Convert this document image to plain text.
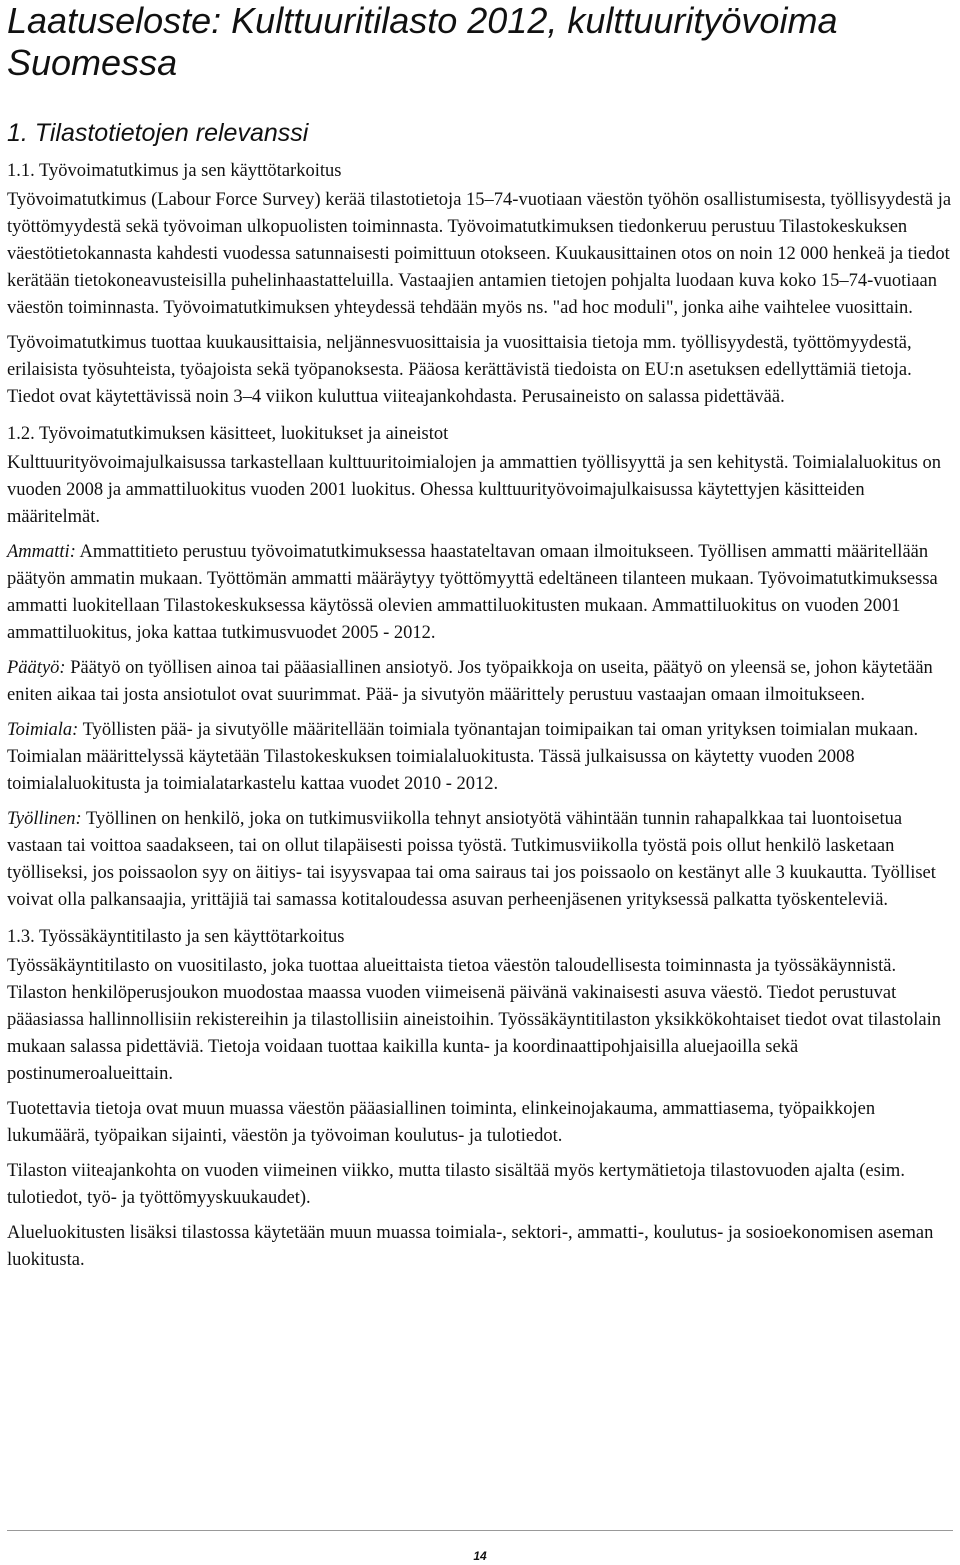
Laatuseloste: Kulttuuritilasto 2012, kulttuurityövoima Suomessa
1. Tilastotietojen relevanssi
1.1. Työvoimatutkimus ja sen käyttötarkoitus

Työvoimatutkimus (Labour Force Survey) kerää tilastotietoja 15–74-vuotiaan väestön työhön osallistumisesta, työllisyydestä ja työttömyydestä sekä työvoiman ulkopuolisten toiminnasta. Työvoimatutkimuksen tiedonkeruu perustuu Tilastokeskuksen väestötietokannasta kahdesti vuodessa satunnaisesti poimittuun otokseen. Kuukausittainen otos on noin 12 000 henkeä ja tiedot kerätään tietokoneavusteisilla puhelinhaastatteluilla. Vastaajien antamien tietojen pohjalta luodaan kuva koko 15–74-vuotiaan väestön toiminnasta. Työvoimatutkimuksen yhteydessä tehdään myös ns. "ad hoc moduli", jonka aihe vaihtelee vuosittain.

Työvoimatutkimus tuottaa kuukausittaisia, neljännesvuosittaisia ja vuosittaisia tietoja mm. työllisyydestä, työttömyydestä, erilaisista työsuhteista, työajoista sekä työpanoksesta. Pääosa kerättävistä tiedoista on EU:n asetuksen edellyttämiä tietoja. Tiedot ovat käytettävissä noin 3–4 viikon kuluttua viiteajankohdasta. Perusaineisto on salassa pidettävää.

1.2. Työvoimatutkimuksen käsitteet, luokitukset ja aineistot

Kulttuurityövoimajulkaisussa tarkastellaan kulttuuritoimialojen ja ammattien työllisyyttä ja sen kehitystä. Toimialaluokitus on vuoden 2008 ja ammattiluokitus vuoden 2001 luokitus. Ohessa kulttuurityövoimajulkaisussa käytettyjen käsitteiden määritelmät.

Ammatti: Ammattitieto perustuu työvoimatutkimuksessa haastateltavan omaan ilmoitukseen. Työllisen ammatti määritellään päätyön ammatin mukaan. Työttömän ammatti määräytyy työttömyyttä edeltäneen tilanteen mukaan. Työvoimatutkimuksessa ammatti luokitellaan Tilastokeskuksessa käytössä olevien ammattiluokitusten mukaan. Ammattiluokitus on vuoden 2001 ammattiluokitus, joka kattaa tutkimusvuodet 2005 - 2012.

Päätyö: Päätyö on työllisen ainoa tai pääasiallinen ansiotyö. Jos työpaikkoja on useita, päätyö on yleensä se, johon käytetään eniten aikaa tai josta ansiotulot ovat suurimmat. Pää- ja sivutyön määrittely perustuu vastaajan omaan ilmoitukseen.

Toimiala: Työllisten pää- ja sivutyölle määritellään toimiala työnantajan toimipaikan tai oman yrityksen toimialan mukaan. Toimialan määrittelyssä käytetään Tilastokeskuksen toimialaluokitusta. Tässä julkaisussa on käytetty vuoden 2008 toimialaluokitusta ja toimialatarkastelu kattaa vuodet 2010 - 2012.

Työllinen: Työllinen on henkilö, joka on tutkimusviikolla tehnyt ansiotyötä vähintään tunnin rahapalkkaa tai luontoisetua vastaan tai voittoa saadakseen, tai on ollut tilapäisesti poissa työstä. Tutkimusviikolla työstä pois ollut henkilö lasketaan työlliseksi, jos poissaolon syy on äitiys- tai isyysvapaa tai oma sairaus tai jos poissaolo on kestänyt alle 3 kuukautta. Työlliset voivat olla palkansaajia, yrittäjiä tai samassa kotitaloudessa asuvan perheenjäsenen yrityksessä palkatta työskenteleviä.

1.3. Työssäkäyntitilasto ja sen käyttötarkoitus

Työssäkäyntitilasto on vuositilasto, joka tuottaa alueittaista tietoa väestön taloudellisesta toiminnasta ja työssäkäynnistä. Tilaston henkilöperusjoukon muodostaa maassa vuoden viimeisenä päivänä vakinaisesti asuva väestö. Tiedot perustuvat pääasiassa hallinnollisiin rekistereihin ja tilastollisiin aineistoihin. Työssäkäyntitilaston yksikkökohtaiset tiedot ovat tilastolain mukaan salassa pidettäviä. Tietoja voidaan tuottaa kaikilla kunta- ja koordinaattipohjaisilla aluejaoilla sekä postinumeroalueittain.

Tuotettavia tietoja ovat muun muassa väestön pääasiallinen toiminta, elinkeinojakauma, ammattiasema, työpaikkojen lukumäärä, työpaikan sijainti, väestön ja työvoiman koulutus- ja tulotiedot.

Tilaston viiteajankohta on vuoden viimeinen viikko, mutta tilasto sisältää myös kertymätietoja tilastovuoden ajalta (esim. tulotiedot, työ- ja työttömyyskuukaudet).

Alueluokitusten lisäksi tilastossa käytetään muun muassa toimiala-, sektori-, ammatti-, koulutus- ja sosioekonomisen aseman luokitusta.

14
